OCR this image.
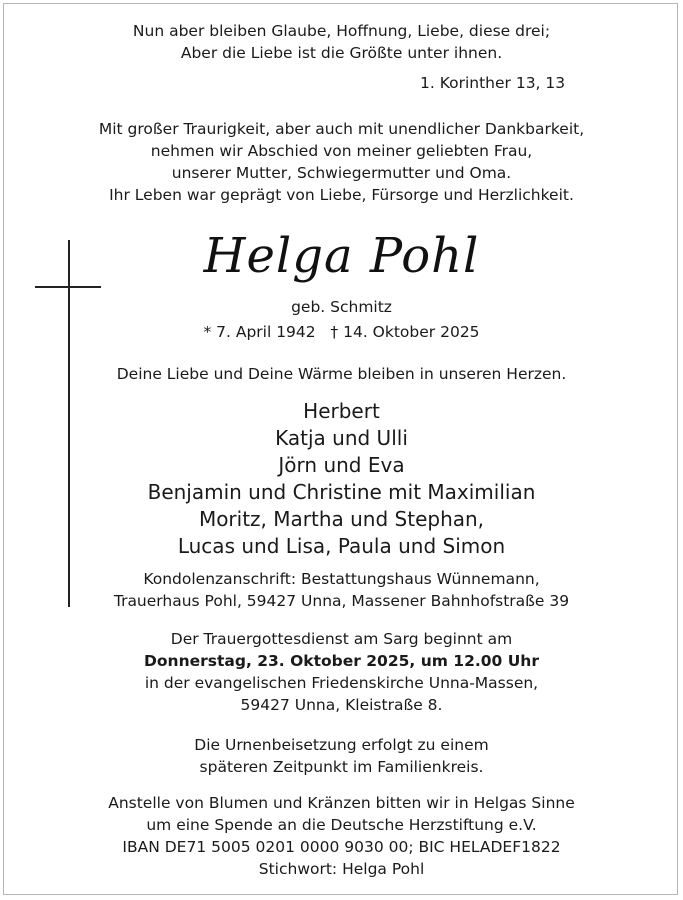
Nun aber bleiben Glaube, Hoffnung, Liebe, diese drei;
Aber die Liebe ist die Größte unter ihnen.
1. Korinther 13, 13
Mit großer Traurigkeit, aber auch mit unendlicher Dankbarkeit,
nehmen wir Abschied von meiner geliebten Frau,
unserer Mutter, Schwiegermutter und Oma.
Ihr Leben war geprägt von Liebe, Fürsorge und Herzlichkeit.
Helga Pohl
geb. Schmitz
* 7. April 1942   † 14. Oktober 2025
Deine Liebe und Deine Wärme bleiben in unseren Herzen.
Herbert
Katja und Ulli
Jörn und Eva
Benjamin und Christine mit Maximilian
Moritz, Martha und Stephan,
Lucas und Lisa, Paula und Simon
Kondolenzanschrift: Bestattungshaus Wünnemann,
Trauerhaus Pohl, 59427 Unna, Massener Bahnhofstraße 39
Der Trauergottesdienst am Sarg beginnt am
Donnerstag, 23. Oktober 2025, um 12.00 Uhr
in der evangelischen Friedenskirche Unna-Massen,
59427 Unna, Kleistraße 8.
Die Urnenbeisetzung erfolgt zu einem
späteren Zeitpunkt im Familienkreis.
Anstelle von Blumen und Kränzen bitten wir in Helgas Sinne
um eine Spende an die Deutsche Herzstiftung e.V.
IBAN DE71 5005 0201 0000 9030 00; BIC HELADEF1822
Stichwort: Helga Pohl
